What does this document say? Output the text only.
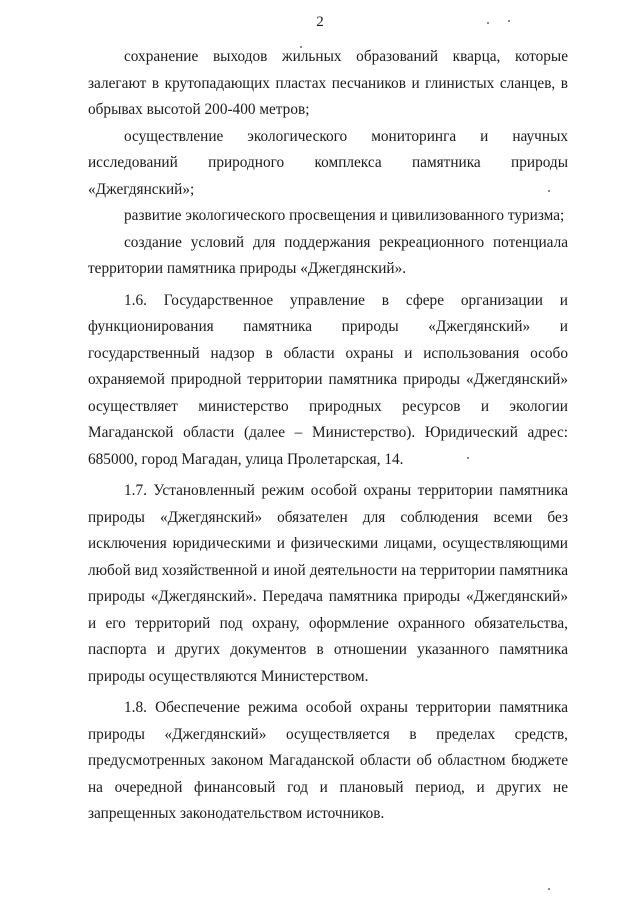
2

сохранение выходов жильных образований кварца, которые залегают в крутопадающих пластах песчаников и глинистых сланцев, в обрывах высотой 200-400 метров;

осуществление экологического мониторинга и научных исследований природного комплекса памятника природы «Джегдянский»;

развитие экологического просвещения и цивилизованного туризма;

создание условий для поддержания рекреационного потенциала территории памятника природы «Джегдянский».

1.6. Государственное управление в сфере организации и функционирования памятника природы «Джегдянский» и государственный надзор в области охраны и использования особо охраняемой природной территории памятника природы «Джегдянский» осуществляет министерство природных ресурсов и экологии Магаданской области (далее – Министерство). Юридический адрес: 685000, город Магадан, улица Пролетарская, 14.

1.7. Установленный режим особой охраны территории памятника природы «Джегдянский» обязателен для соблюдения всеми без исключения юридическими и физическими лицами, осуществляющими любой вид хозяйственной и иной деятельности на территории памятника природы «Джегдянский». Передача памятника природы «Джегдянский» и его территорий под охрану, оформление охранного обязательства, паспорта и других документов в отношении указанного памятника природы осуществляются Министерством.

1.8. Обеспечение режима особой охраны территории памятника природы «Джегдянский» осуществляется в пределах средств, предусмотренных законом Магаданской области об областном бюджете на очередной финансовый год и плановый период, и других не запрещенных законодательством источников.
